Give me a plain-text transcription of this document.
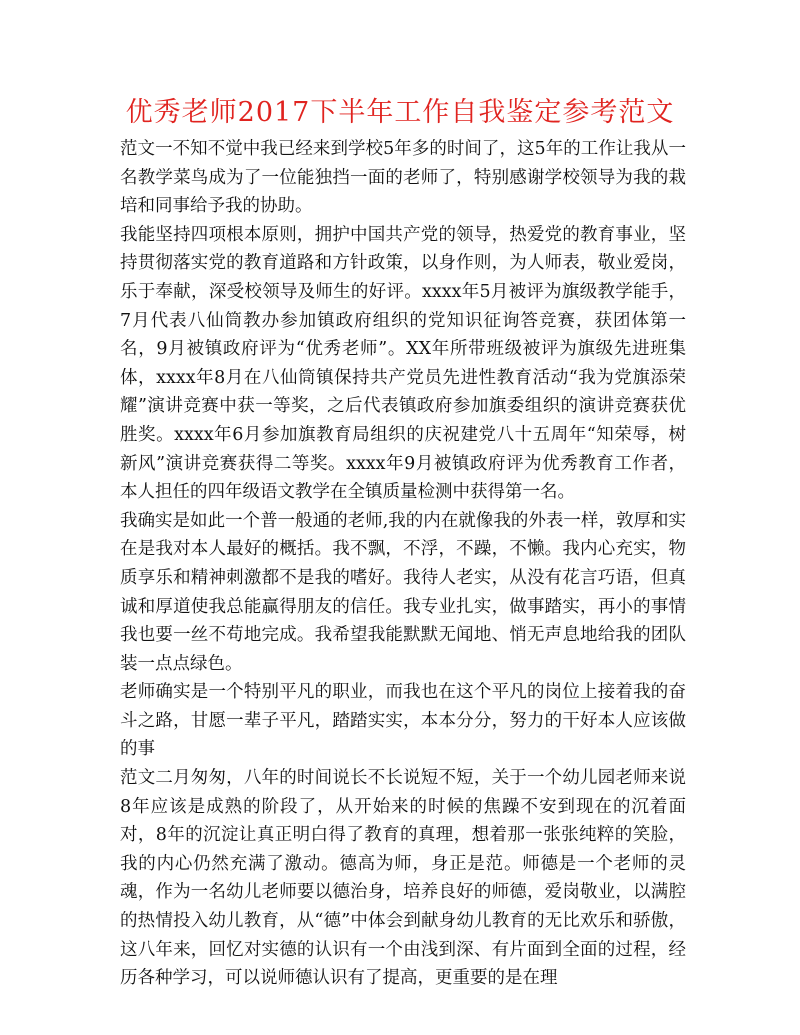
优秀老师2017下半年工作自我鉴定参考范文

范文一不知不觉中我已经来到学校5年多的时间了，这5年的工作让我从一名教学菜鸟成为了一位能独挡一面的老师了，特别感谢学校领导为我的栽培和同事给予我的协助。

我能坚持四项根本原则，拥护中国共产党的领导，热爱党的教育事业，坚持贯彻落实党的教育道路和方针政策，以身作则，为人师表，敬业爱岗，乐于奉献，深受校领导及师生的好评。xxxx年5月被评为旗级教学能手，7月代表八仙筒教办参加镇政府组织的党知识征询答竞赛，获团体第一名，9月被镇政府评为“优秀老师”。XX年所带班级被评为旗级先进班集体，xxxx年8月在八仙筒镇保持共产党员先进性教育活动“我为党旗添荣耀”演讲竞赛中获一等奖，之后代表镇政府参加旗委组织的演讲竞赛获优胜奖。xxxx年6月参加旗教育局组织的庆祝建党八十五周年“知荣辱，树新风”演讲竞赛获得二等奖。xxxx年9月被镇政府评为优秀教育工作者，本人担任的四年级语文教学在全镇质量检测中获得第一名。

我确实是如此一个普一般通的老师,我的内在就像我的外表一样，敦厚和实在是我对本人最好的概括。我不飘，不浮，不躁，不懒。我内心充实，物质享乐和精神刺激都不是我的嗜好。我待人老实，从没有花言巧语，但真诚和厚道使我总能赢得朋友的信任。我专业扎实，做事踏实，再小的事情我也要一丝不苟地完成。我希望我能默默无闻地、悄无声息地给我的团队装一点点绿色。

老师确实是一个特别平凡的职业，而我也在这个平凡的岗位上接着我的奋斗之路，甘愿一辈子平凡，踏踏实实，本本分分，努力的干好本人应该做的事

范文二月匆匆，八年的时间说长不长说短不短，关于一个幼儿园老师来说8年应该是成熟的阶段了，从开始来的时候的焦躁不安到现在的沉着面对，8年的沉淀让真正明白得了教育的真理，想着那一张张纯粹的笑脸，我的内心仍然充满了激动。德高为师，身正是范。师德是一个老师的灵魂，作为一名幼儿老师要以德治身，培养良好的师德，爱岗敬业，以满腔的热情投入幼儿教育，从“德”中体会到献身幼儿教育的无比欢乐和骄傲，这八年来，回忆对实德的认识有一个由浅到深、有片面到全面的过程，经历各种学习，可以说师德认识有了提高，更重要的是在理
